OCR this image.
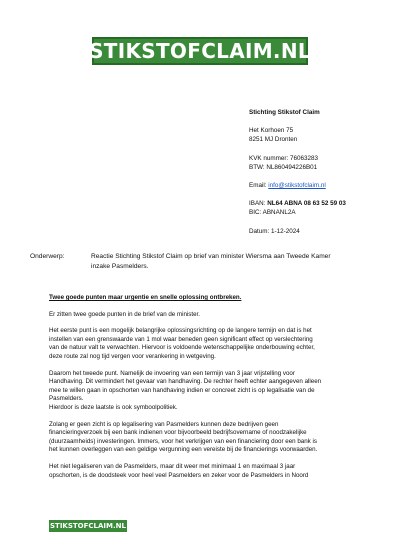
STIKSTOFCLAIM.NL
Stichting Stikstof Claim
Het Korhoen 75
8251 MJ Dronten
KVK nummer: 76063283
BTW: NL860494226B01
Email: info@stikstofclaim.nl
IBAN: NL64 ABNA 08 63 52 59 03
BIC: ABNANL2A
Datum: 1-12-2024
Onderwerp:	Reactie Stichting Stikstof Claim op brief van minister Wiersma aan Tweede Kamer
inzake Pasmelders.
Twee goede punten maar urgentie en snelle oplossing ontbreken.
Er zitten twee goede punten in de brief van de minister.
Het eerste punt is een mogelijk belangrijke oplossingsrichting op de langere termijn en dat is het
instellen van een grenswaarde van 1 mol waar beneden geen significant effect op verslechtering
van de natuur valt te verwachten. Hiervoor is voldoende wetenschappelijke onderbouwing echter,
deze route zal nog tijd vergen voor verankering in wetgeving.
Daarom het tweede punt. Namelijk de invoering van een termijn van 3 jaar vrijstelling voor
Handhaving. Dit vermindert het gevaar van handhaving. De rechter heeft echter aangegeven alleen
mee te willen gaan in opschorten van handhaving indien er concreet zicht is op legalisatie van de
Pasmelders.
Hierdoor is deze laatste is ook symboolpolitiek.
Zolang er geen zicht is op legalisering van Pasmelders kunnen deze bedrijven geen
financieringverzoek bij een bank indienen voor bijvoorbeeld bedrijfsovername of noodzakelijke
(duurzaamheids) investeringen. Immers, voor het verkrijgen van een financiering door een bank is
het kunnen overleggen van een geldige vergunning een vereiste bij de financierings voorwaarden.
Het niet legaliseren van de Pasmelders, maar dit weer met minimaal 1 en maximaal 3 jaar
opschorten, is de doodsteek voor heel veel Pasmelders en zeker voor de Pasmelders in Noord
STIKSTOFCLAIM.NL
